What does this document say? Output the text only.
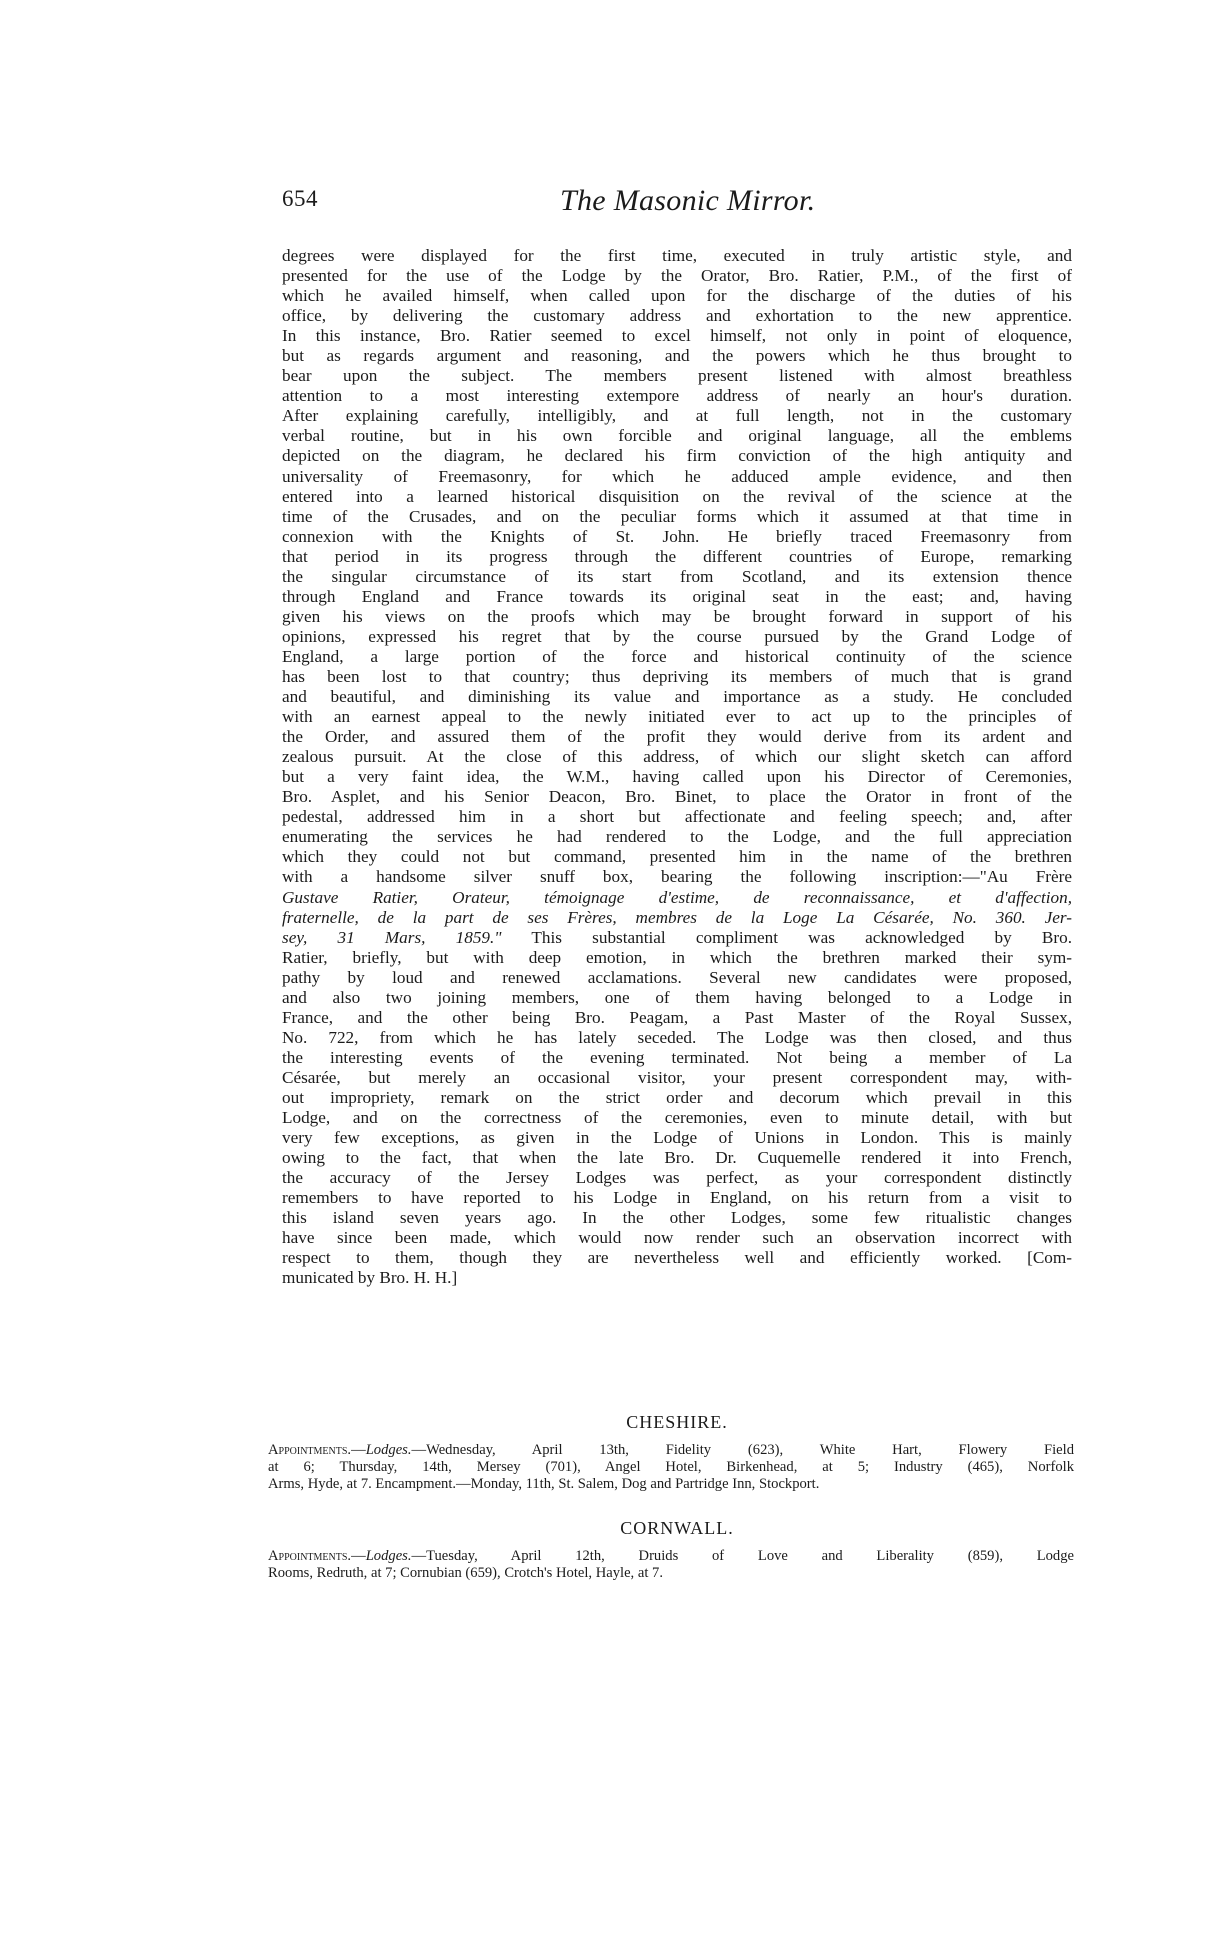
654	The Masonic Mirror.
degrees were displayed for the first time, executed in truly artistic style, and
presented for the use of the Lodge by the Orator, Bro. Ratier, P.M., of the first of
which he availed himself, when called upon for the discharge of the duties of his
office, by delivering the customary address and exhortation to the new apprentice.
In this instance, Bro. Ratier seemed to excel himself, not only in point of eloquence,
but as regards argument and reasoning, and the powers which he thus brought to
bear upon the subject. The members present listened with almost breathless
attention to a most interesting extempore address of nearly an hour's duration.
After explaining carefully, intelligibly, and at full length, not in the customary
verbal routine, but in his own forcible and original language, all the emblems
depicted on the diagram, he declared his firm conviction of the high antiquity and
universality of Freemasonry, for which he adduced ample evidence, and then
entered into a learned historical disquisition on the revival of the science at the
time of the Crusades, and on the peculiar forms which it assumed at that time in
connexion with the Knights of St. John. He briefly traced Freemasonry from
that period in its progress through the different countries of Europe, remarking
the singular circumstance of its start from Scotland, and its extension thence
through England and France towards its original seat in the east; and, having
given his views on the proofs which may be brought forward in support of his
opinions, expressed his regret that by the course pursued by the Grand Lodge of
England, a large portion of the force and historical continuity of the science
has been lost to that country; thus depriving its members of much that is grand
and beautiful, and diminishing its value and importance as a study. He concluded
with an earnest appeal to the newly initiated ever to act up to the principles of
the Order, and assured them of the profit they would derive from its ardent and
zealous pursuit. At the close of this address, of which our slight sketch can afford
but a very faint idea, the W.M., having called upon his Director of Ceremonies,
Bro. Asplet, and his Senior Deacon, Bro. Binet, to place the Orator in front of the
pedestal, addressed him in a short but affectionate and feeling speech; and, after
enumerating the services he had rendered to the Lodge, and the full appreciation
which they could not but command, presented him in the name of the brethren
with a handsome silver snuff box, bearing the following inscription:—"Au Frère
Gustave Ratier, Orateur, témoignage d'estime, de reconnaissance, et d'affection,
fraternelle, de la part de ses Frères, membres de la Loge La Césarée, No. 360. Jer-
sey, 31 Mars, 1859." This substantial compliment was acknowledged by Bro.
Ratier, briefly, but with deep emotion, in which the brethren marked their sym-
pathy by loud and renewed acclamations. Several new candidates were proposed,
and also two joining members, one of them having belonged to a Lodge in
France, and the other being Bro. Peagam, a Past Master of the Royal Sussex,
No. 722, from which he has lately seceded. The Lodge was then closed, and thus
the interesting events of the evening terminated. Not being a member of La
Césarée, but merely an occasional visitor, your present correspondent may, with-
out impropriety, remark on the strict order and decorum which prevail in this
Lodge, and on the correctness of the ceremonies, even to minute detail, with but
very few exceptions, as given in the Lodge of Unions in London. This is mainly
owing to the fact, that when the late Bro. Dr. Cuquemelle rendered it into French,
the accuracy of the Jersey Lodges was perfect, as your correspondent distinctly
remembers to have reported to his Lodge in England, on his return from a visit to
this island seven years ago. In the other Lodges, some few ritualistic changes
have since been made, which would now render such an observation incorrect with
respect to them, though they are nevertheless well and efficiently worked. [Com-
municated by Bro. H. H.]
CHESHIRE.
Appointments.—Lodges.—Wednesday, April 13th, Fidelity (623), White Hart, Flowery Field
at 6; Thursday, 14th, Mersey (701), Angel Hotel, Birkenhead, at 5; Industry (465), Norfolk
Arms, Hyde, at 7. Encampment.—Monday, 11th, St. Salem, Dog and Partridge Inn, Stockport.
CORNWALL.
Appointments.—Lodges.—Tuesday, April 12th, Druids of Love and Liberality (859), Lodge
Rooms, Redruth, at 7; Cornubian (659), Crotch's Hotel, Hayle, at 7.
